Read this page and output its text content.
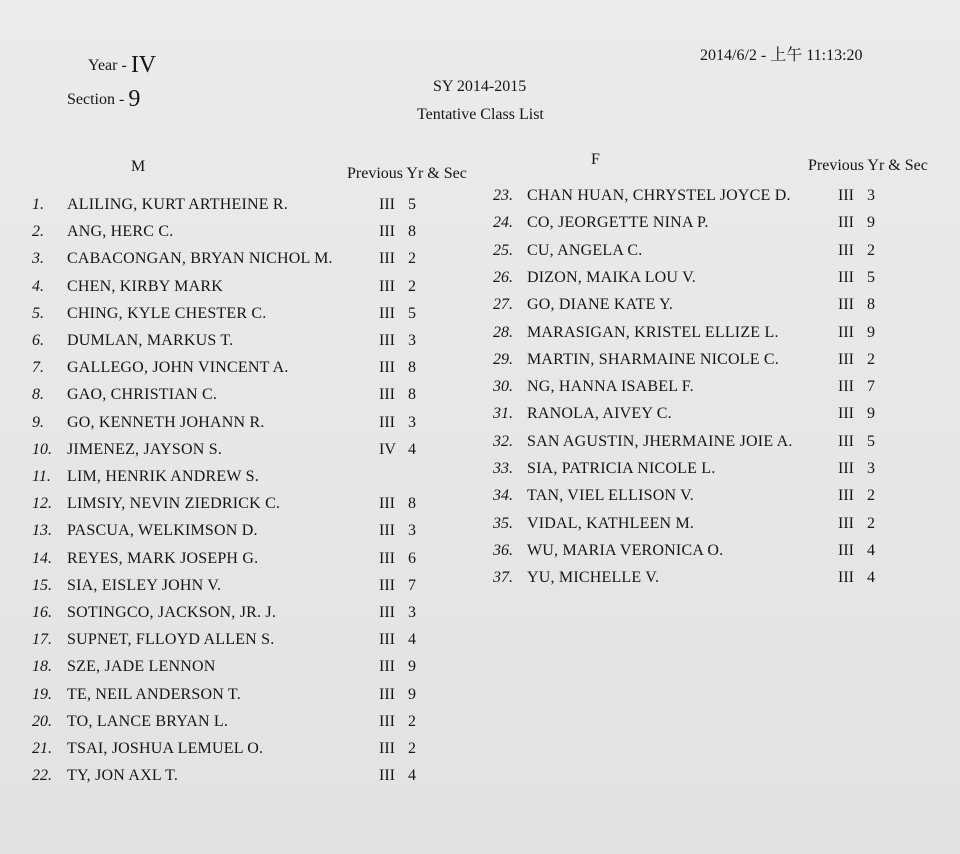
Year - IV
Section - 9
2014/6/2 - 上午 11:13:20
SY 2014-2015
Tentative Class List
M	Previous Yr & Sec
F	Previous Yr & Sec
1.	ALILING, KURT ARTHEINE R.	III 5
2.	ANG, HERC C.	III 8
3.	CABACONGAN, BRYAN NICHOL M.	III 2
4.	CHEN, KIRBY MARK	III 2
5.	CHING, KYLE CHESTER C.	III 5
6.	DUMLAN, MARKUS T.	III 3
7.	GALLEGO, JOHN VINCENT A.	III 8
8.	GAO, CHRISTIAN C.	III 8
9.	GO, KENNETH JOHANN R.	III 3
10. JIMENEZ, JAYSON S.	IV 4
11.	LIM, HENRIK ANDREW S.
12. LIMSIY, NEVIN ZIEDRICK C.	III 8
13. PASCUA, WELKIMSON D.	III 3
14. REYES, MARK JOSEPH G.	III 6
15. SIA, EISLEY JOHN V.	III 7
16. SOTINGCO, JACKSON, JR. J.	III 3
17. SUPNET, FLLOYD ALLEN S.	III 4
18. SZE, JADE LENNON	III 9
19. TE, NEIL ANDERSON T.	III 9
20. TO, LANCE BRYAN L.	III 2
21. TSAI, JOSHUA LEMUEL O.	III 2
22. TY, JON AXL T.	III 4
23. CHAN HUAN, CHRYSTEL JOYCE D.	III 3
24. CO, JEORGETTE NINA P.	III 9
25. CU, ANGELA C.	III 2
26. DIZON, MAIKA LOU V.	III 5
27. GO, DIANE KATE Y.	III 8
28. MARASIGAN, KRISTEL ELLIZE L.	III 9
29. MARTIN, SHARMAINE NICOLE C.	III 2
30. NG, HANNA ISABEL F.	III 7
31. RANOLA, AIVEY C.	III 9
32. SAN AGUSTIN, JHERMAINE JOIE A.	III 5
33. SIA, PATRICIA NICOLE L.	III 3
34. TAN, VIEL ELLISON V.	III 2
35. VIDAL, KATHLEEN M.	III 2
36. WU, MARIA VERONICA O.	III 4
37. YU, MICHELLE V.	III 4
